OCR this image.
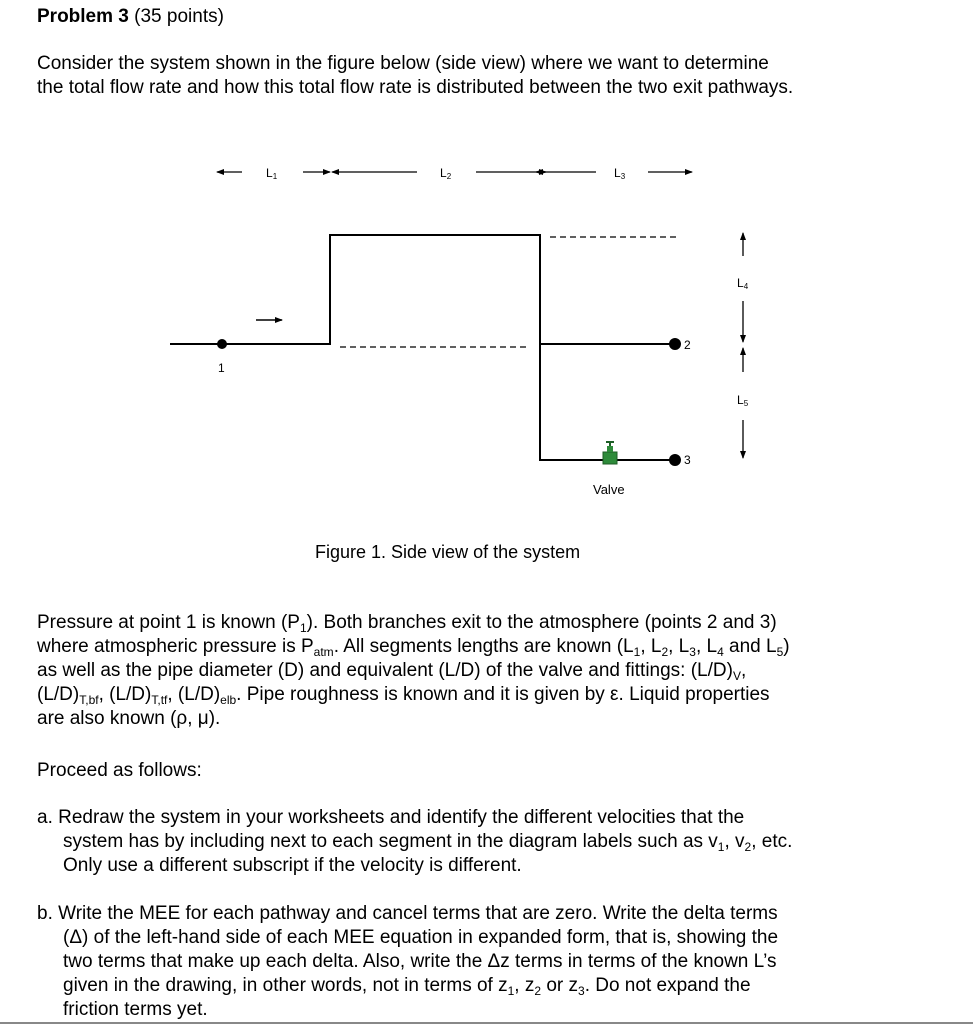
Problem 3 (35 points)
Consider the system shown in the figure below (side view) where we want to determine
the total flow rate and how this total flow rate is distributed between the two exit pathways.
L1	L2	L3
1
2
3
Valve
L4
L5
Figure 1. Side view of the system
Pressure at point 1 is known $(P_1)$. Both branches exit to the atmosphere (points 2 and 3)
where atmospheric pressure is $P_{atm}$. All segments lengths are known ($L_1$, $L_2$, $L_3$, $L_4$ and $L_5$)
as well as the pipe diameter (D) and equivalent (L/D) of the valve and fittings: $(L/D)_V$,
$(L/D)_{T,bf}$, $(L/D)_{T,tf}$, $(L/D)_{elb}$. Pipe roughness is known and it is given by ε. Liquid properties
are also known (ρ, μ).
Proceed as follows:
a. Redraw the system in your worksheets and identify the different velocities that the
system has by including next to each segment in the diagram labels such as $v_1$, $v_2$, etc.
Only use a different subscript if the velocity is different.
b. Write the MEE for each pathway and cancel terms that are zero. Write the delta terms
(Δ) of the left-hand side of each MEE equation in expanded form, that is, showing the
two terms that make up each delta. Also, write the Δz terms in terms of the known L’s
given in the drawing, in other words, not in terms of $z_1$, $z_2$ or $z_3$. Do not expand the
friction terms yet.
